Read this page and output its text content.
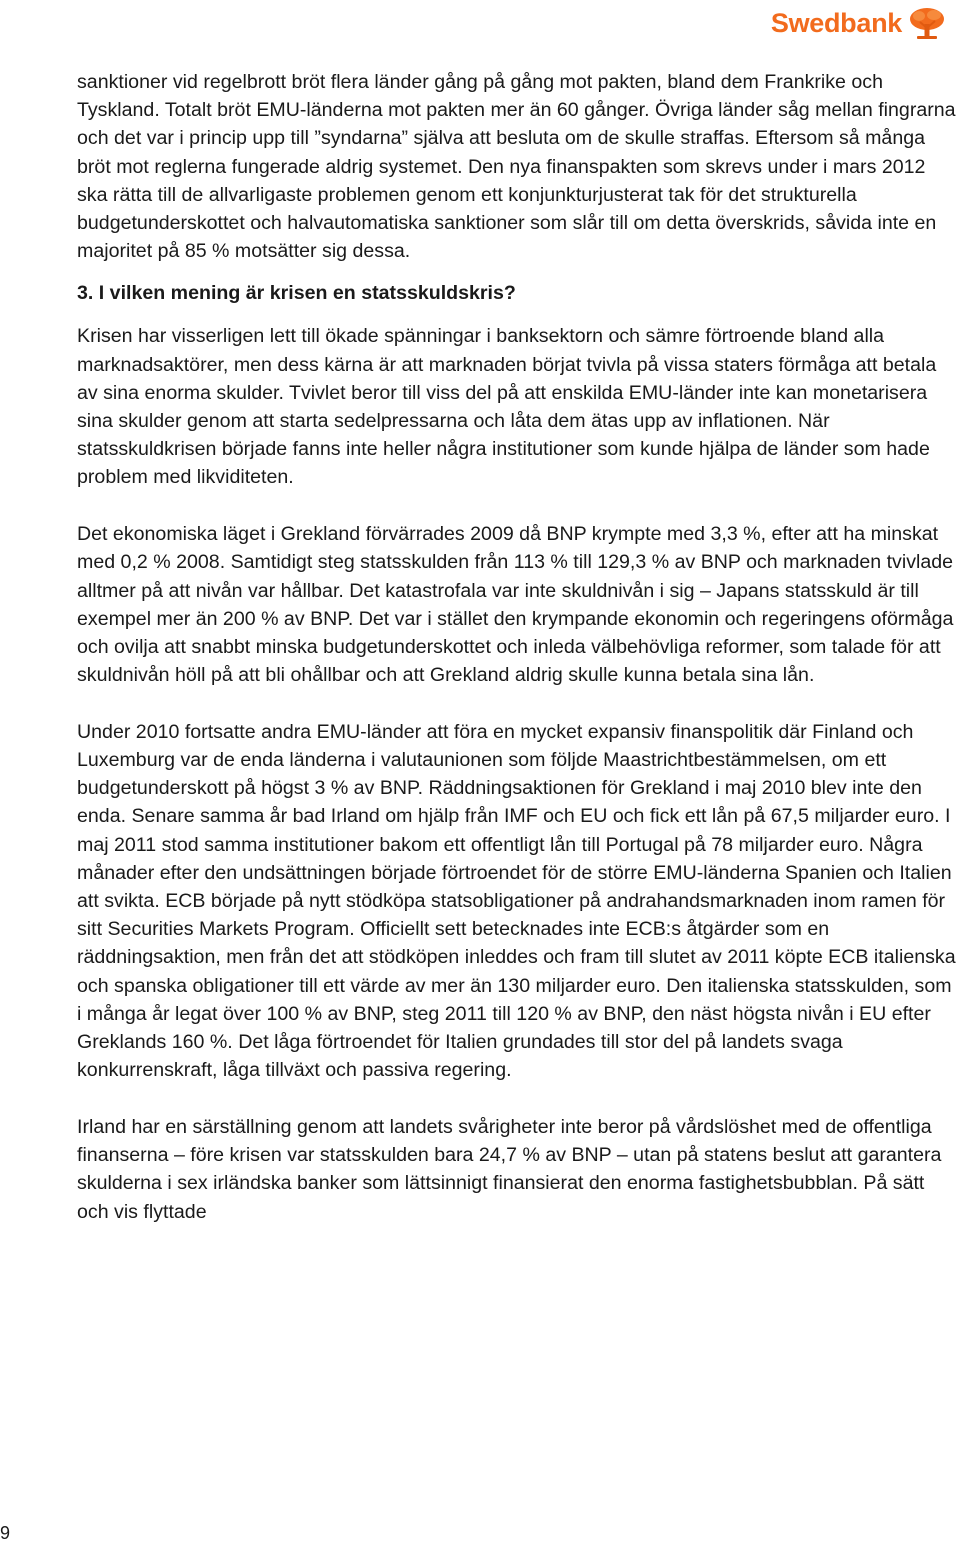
Swedbank

sanktioner vid regelbrott bröt flera länder gång på gång mot pakten, bland dem Frankrike och Tyskland. Totalt bröt EMU-länderna mot pakten mer än 60 gånger. Övriga länder såg mellan fingrarna och det var i princip upp till ”syndarna” själva att besluta om de skulle straffas. Eftersom så många bröt mot reglerna fungerade aldrig systemet. Den nya finanspakten som skrevs under i mars 2012 ska rätta till de allvarligaste problemen genom ett konjunkturjusterat tak för det strukturella budgetunderskottet och halvautomatiska sanktioner som slår till om detta överskrids, såvida inte en majoritet på 85 % motsätter sig dessa.

3. I vilken mening är krisen en statsskuldskris?

Krisen har visserligen lett till ökade spänningar i banksektorn och sämre förtroende bland alla marknadsaktörer, men dess kärna är att marknaden börjat tvivla på vissa staters förmåga att betala av sina enorma skulder. Tvivlet beror till viss del på att enskilda EMU-länder inte kan monetarisera sina skulder genom att starta sedelpressarna och låta dem ätas upp av inflationen. När statsskuldkrisen började fanns inte heller några institutioner som kunde hjälpa de länder som hade problem med likviditeten.

Det ekonomiska läget i Grekland förvärrades 2009 då BNP krympte med 3,3 %, efter att ha minskat med 0,2 % 2008. Samtidigt steg statsskulden från 113 % till 129,3 % av BNP och marknaden tvivlade alltmer på att nivån var hållbar. Det katastrofala var inte skuldnivån i sig – Japans statsskuld är till exempel mer än 200 % av BNP. Det var i stället den krympande ekonomin och regeringens oförmåga och ovilja att snabbt minska budgetunderskottet och inleda välbehövliga reformer, som talade för att skuldnivån höll på att bli ohållbar och att Grekland aldrig skulle kunna betala sina lån.

Under 2010 fortsatte andra EMU-länder att föra en mycket expansiv finanspolitik där Finland och Luxemburg var de enda länderna i valutaunionen som följde Maastrichtbestämmelsen, om ett budgetunderskott på högst 3 % av BNP. Räddningsaktionen för Grekland i maj 2010 blev inte den enda. Senare samma år bad Irland om hjälp från IMF och EU och fick ett lån på 67,5 miljarder euro. I maj 2011 stod samma institutioner bakom ett offentligt lån till Portugal på 78 miljarder euro. Några månader efter den undsättningen började förtroendet för de större EMU-länderna Spanien och Italien att svikta. ECB började på nytt stödköpa statsobligationer på andrahandsmarknaden inom ramen för sitt Securities Markets Program. Officiellt sett betecknades inte ECB:s åtgärder som en räddningsaktion, men från det att stödköpen inleddes och fram till slutet av 2011 köpte ECB italienska och spanska obligationer till ett värde av mer än 130 miljarder euro. Den italienska statsskulden, som i många år legat över 100 % av BNP, steg 2011 till 120 % av BNP, den näst högsta nivån i EU efter Greklands 160 %. Det låga förtroendet för Italien grundades till stor del på landets svaga konkurrenskraft, låga tillväxt och passiva regering.

Irland har en särställning genom att landets svårigheter inte beror på vårdslöshet med de offentliga finanserna – före krisen var statsskulden bara 24,7 % av BNP – utan på statens beslut att garantera skulderna i sex irländska banker som lättsinnigt finansierat den enorma fastighetsbubblan. På sätt och vis flyttade

9
